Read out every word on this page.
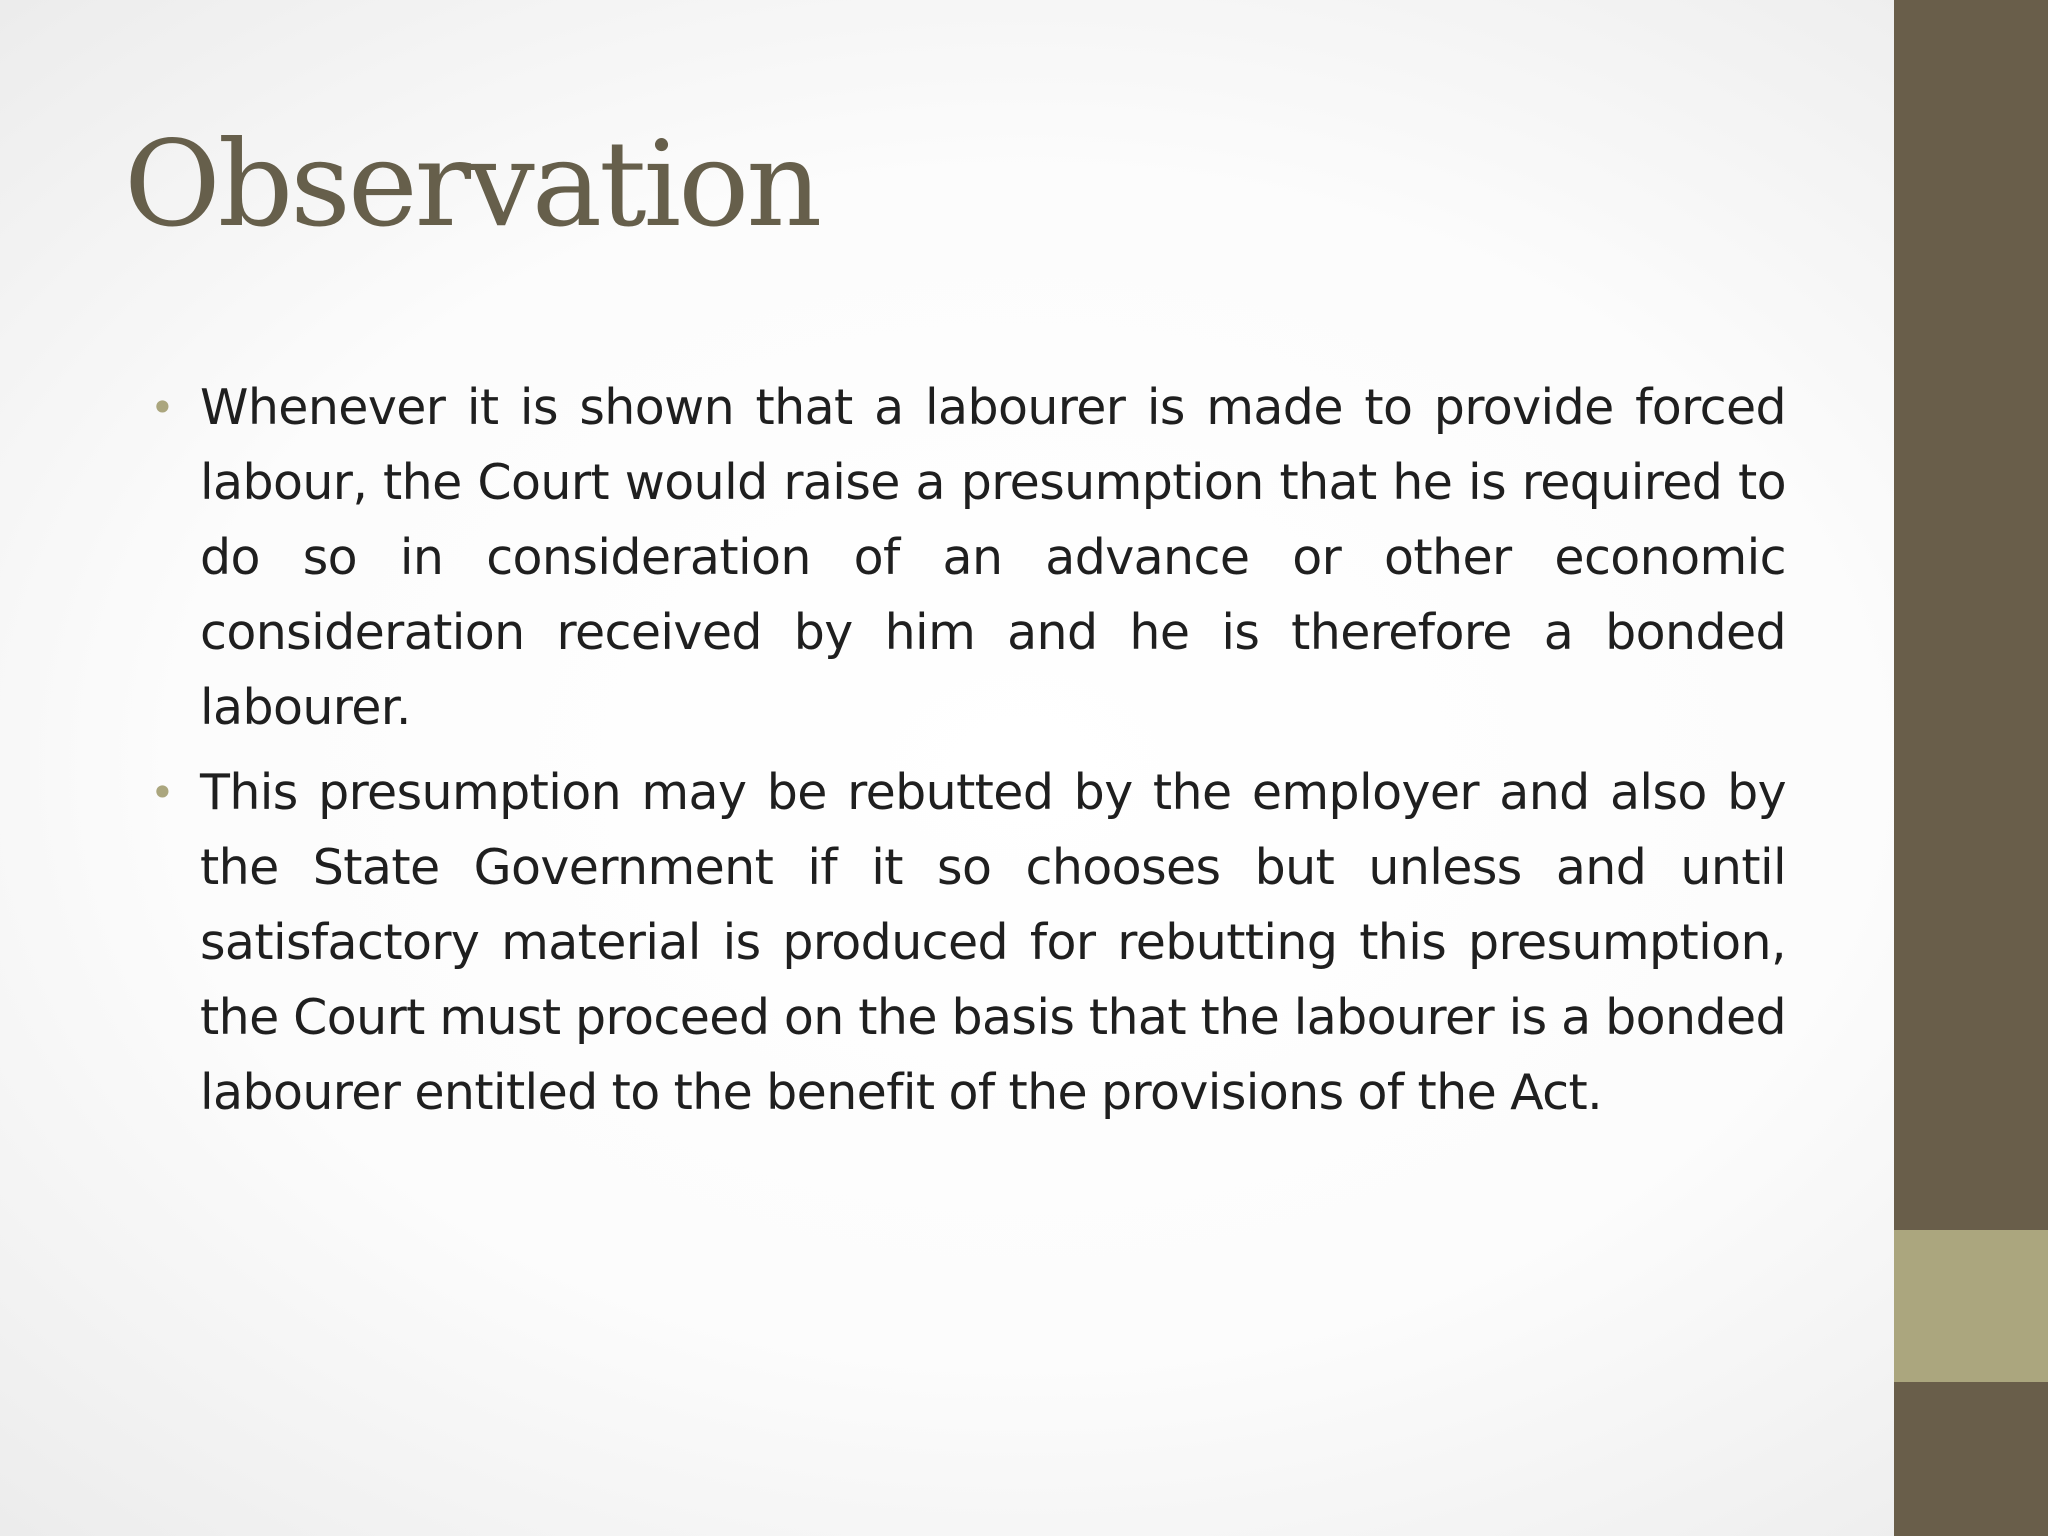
Observation
• Whenever it is shown that a labourer is made to provide forced labour, the Court would raise a presumption that he is required to do so in consideration of an advance or other economic consideration received by him and he is therefore a bonded labourer.
• This presumption may be rebutted by the employer and also by the State Government if it so chooses but unless and until satisfactory material is produced for rebutting this presumption, the Court must proceed on the basis that the labourer is a bonded labourer entitled to the benefit of the provisions of the Act.
